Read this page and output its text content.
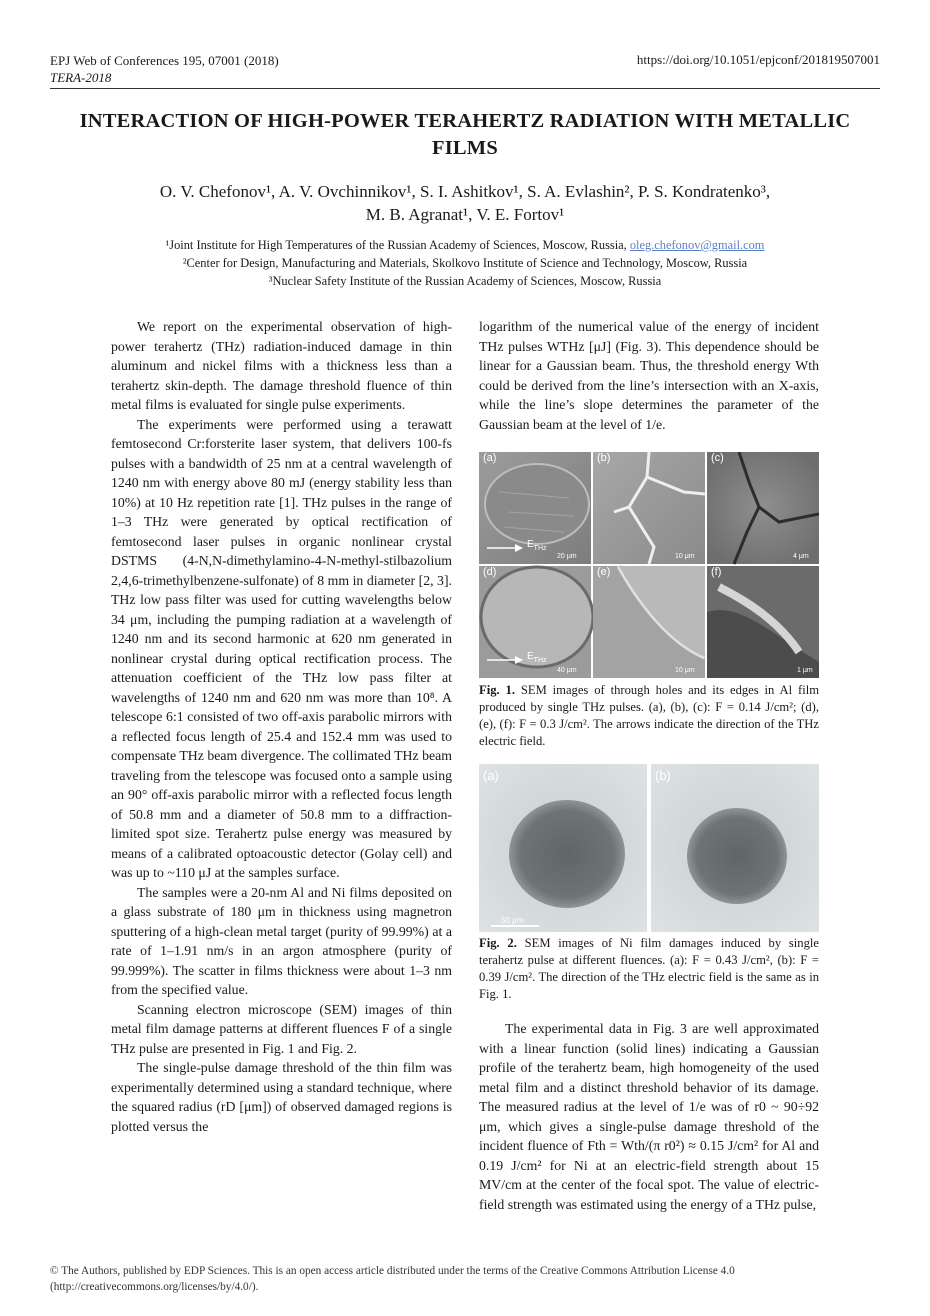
EPJ Web of Conferences 195, 07001 (2018)
TERA-2018
https://doi.org/10.1051/epjconf/201819507001
INTERACTION OF HIGH-POWER TERAHERTZ RADIATION WITH METALLIC FILMS
O. V. Chefonov¹, A. V. Ovchinnikov¹, S. I. Ashitkov¹, S. A. Evlashin², P. S. Kondratenko³,
M. B. Agranat¹, V. E. Fortov¹
¹Joint Institute for High Temperatures of the Russian Academy of Sciences, Moscow, Russia, oleg.chefonov@gmail.com
²Center for Design, Manufacturing and Materials, Skolkovo Institute of Science and Technology, Moscow, Russia
³Nuclear Safety Institute of the Russian Academy of Sciences, Moscow, Russia

We report on the experimental observation of high-power terahertz (THz) radiation-induced damage in thin aluminum and nickel films with a thickness less than a terahertz skin-depth. The damage threshold fluence of thin metal films is evaluated for single pulse experiments.

The experiments were performed using a terawatt femtosecond Cr:forsterite laser system, that delivers 100-fs pulses with a bandwidth of 25 nm at a central wavelength of 1240 nm with energy above 80 mJ (energy stability less than 10%) at 10 Hz repetition rate [1]. THz pulses in the range of 1–3 THz were generated by optical rectification of femtosecond laser pulses in organic nonlinear crystal DSTMS (4-N,N-dimethylamino-4-N-methyl-stilbazolium 2,4,6-trimethylbenzene-sulfonate) of 8 mm in diameter [2, 3]. THz low pass filter was used for cutting wavelengths below 34 μm, including the pumping radiation at a wavelength of 1240 nm and its second harmonic at 620 nm generated in nonlinear crystal during optical rectification process. The attenuation coefficient of the THz low pass filter at wavelengths of 1240 nm and 620 nm was more than 10⁸. A telescope 6:1 consisted of two off-axis parabolic mirrors with a reflected focus length of 25.4 and 152.4 mm was used to compensate THz beam divergence. The collimated THz beam traveling from the telescope was focused onto a sample using an 90° off-axis parabolic mirror with a reflected focus length of 50.8 mm and a diameter of 50.8 mm to a diffraction-limited spot size. Terahertz pulse energy was measured by means of a calibrated optoacoustic detector (Golay cell) and was up to ~110 μJ at the samples surface.

The samples were a 20-nm Al and Ni films deposited on a glass substrate of 180 μm in thickness using magnetron sputtering of a high-clean metal target (purity of 99.99%) at a rate of 1–1.91 nm/s in an argon atmosphere (purity of 99.999%). The scatter in films thickness were about 1–3 nm from the specified value.

Scanning electron microscope (SEM) images of thin metal film damage patterns at different fluences F of a single THz pulse are presented in Fig. 1 and Fig. 2.

The single-pulse damage threshold of the thin film was experimentally determined using a standard technique, where the squared radius (rD [μm]) of observed damaged regions is plotted versus the

logarithm of the numerical value of the energy of incident THz pulses WTHz [μJ] (Fig. 3). This dependence should be linear for a Gaussian beam. Thus, the threshold energy Wth could be derived from the line’s intersection with an X-axis, while the line’s slope determines the parameter of the Gaussian beam at the level of 1/e.

(a)	(b)	(c)
(d)	(e)	(f)
20 μm	10 μm	4 μm
40 μm	10 μm	1 μm
$E_{THz}$
$E_{THz}$
Fig. 1. SEM images of through holes and its edges in Al film produced by single THz pulses. (a), (b), (c): F = 0.14 J/cm²; (d), (e), (f): F = 0.3 J/cm². The arrows indicate the direction of the THz electric field.
(a)	(b)
50 μm
Fig. 2. SEM images of Ni film damages induced by single terahertz pulse at different fluences. (a): F = 0.43 J/cm², (b): F = 0.39 J/cm². The direction of the THz electric field is the same as in Fig. 1.

The experimental data in Fig. 3 are well approximated with a linear function (solid lines) indicating a Gaussian profile of the terahertz beam, high homogeneity of the used metal film and a distinct threshold behavior of its damage. The measured radius at the level of 1/e was of r0 ~ 90÷92 μm, which gives a single-pulse damage threshold of the incident fluence of Fth = Wth/(π r0²) ≈ 0.15 J/cm² for Al and 0.19 J/cm² for Ni at an electric-field strength about 15 MV/cm at the center of the focal spot. The value of electric-field strength was estimated using the energy of a THz pulse,

© The Authors, published by EDP Sciences. This is an open access article distributed under the terms of the Creative Commons Attribution License 4.0
(http://creativecommons.org/licenses/by/4.0/).
